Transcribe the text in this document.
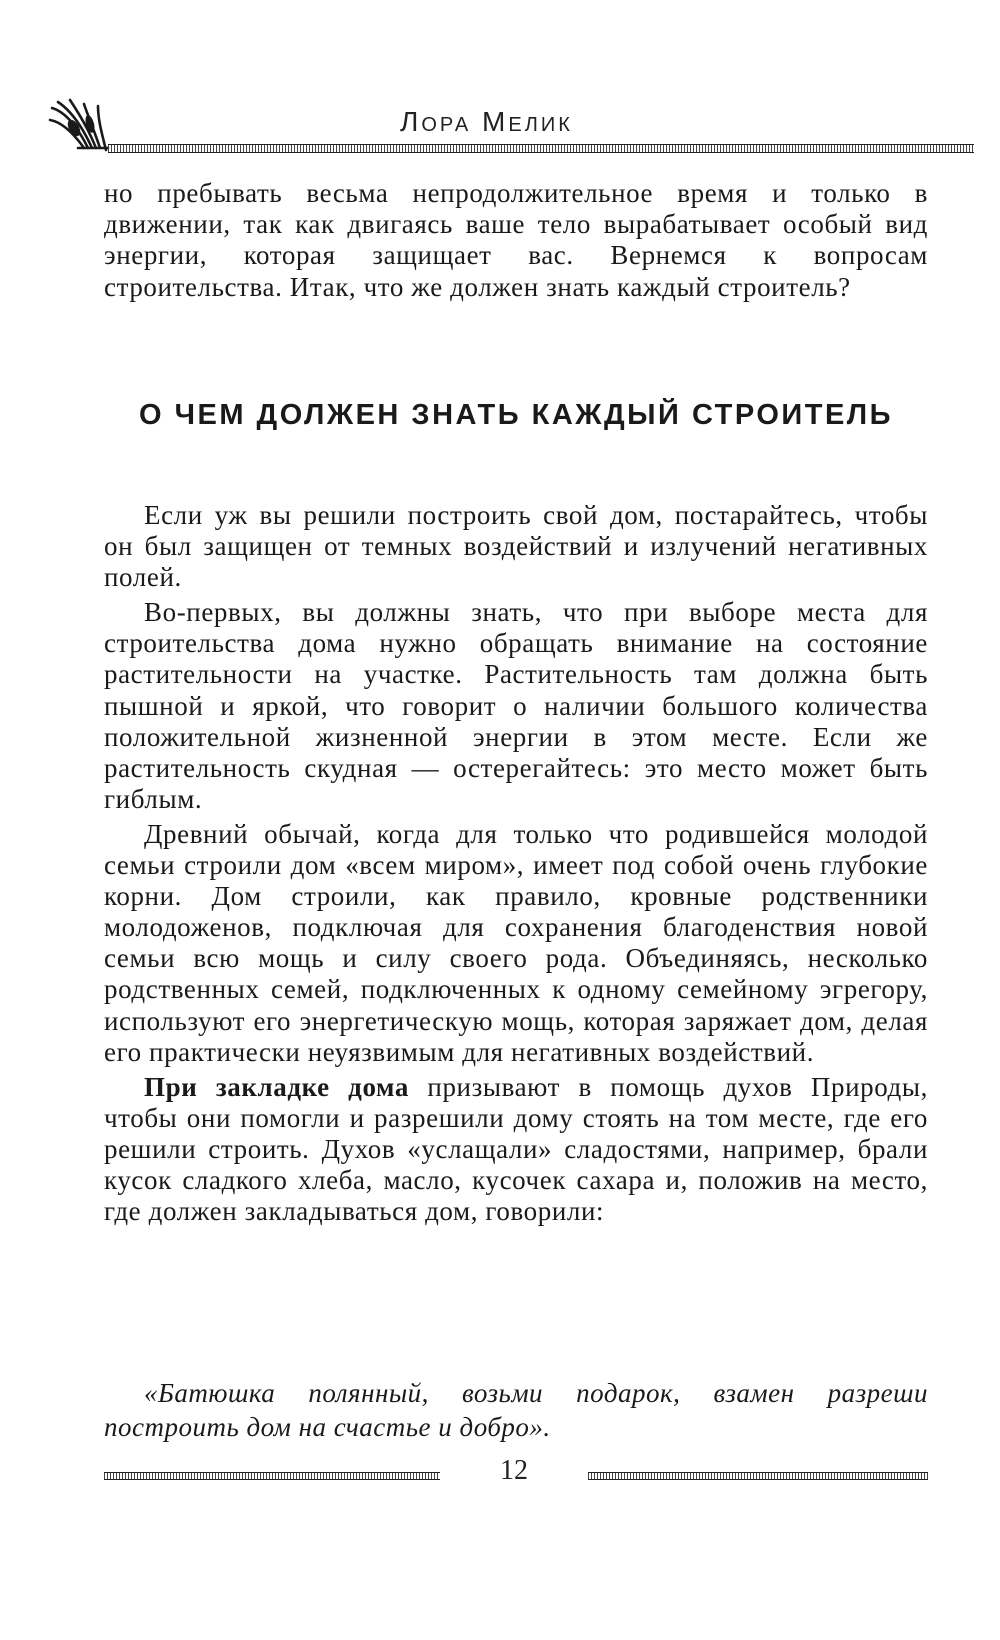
Лора Мелик
но пребывать весьма непродолжительное время и только в движении, так как двигаясь ваше тело вырабатывает особый вид энергии, которая защищает вас. Вернемся к вопросам строительства. Итак, что же должен знать каждый строитель?
О ЧЕМ ДОЛЖЕН ЗНАТЬ КАЖДЫЙ СТРОИТЕЛЬ

Если уж вы решили построить свой дом, постарайтесь, чтобы он был защищен от темных воздействий и излучений негативных полей.

Во-первых, вы должны знать, что при выборе места для строительства дома нужно обращать внимание на состояние растительности на участке. Растительность там должна быть пышной и яркой, что говорит о наличии большого количества положительной жизненной энергии в этом месте. Если же растительность скудная — остерегайтесь: это место может быть гиблым.

Древний обычай, когда для только что родившейся молодой семьи строили дом «всем миром», имеет под собой очень глубокие корни. Дом строили, как правило, кровные родственники молодоженов, подключая для сохранения благоденствия новой семьи всю мощь и силу своего рода. Объединяясь, несколько родственных семей, подключенных к одному семейному эгрегору, используют его энергетическую мощь, которая заряжает дом, делая его практически неуязвимым для негативных воздействий.

При закладке дома призывают в помощь духов Природы, чтобы они помогли и разрешили дому стоять на том месте, где его решили строить. Духов «услащали» сладостями, например, брали кусок сладкого хлеба, масло, кусочек сахара и, положив на место, где должен закладываться дом, говорили:

«Батюшка полянный, возьми подарок, взамен разреши построить дом на счастье и добро».
12
